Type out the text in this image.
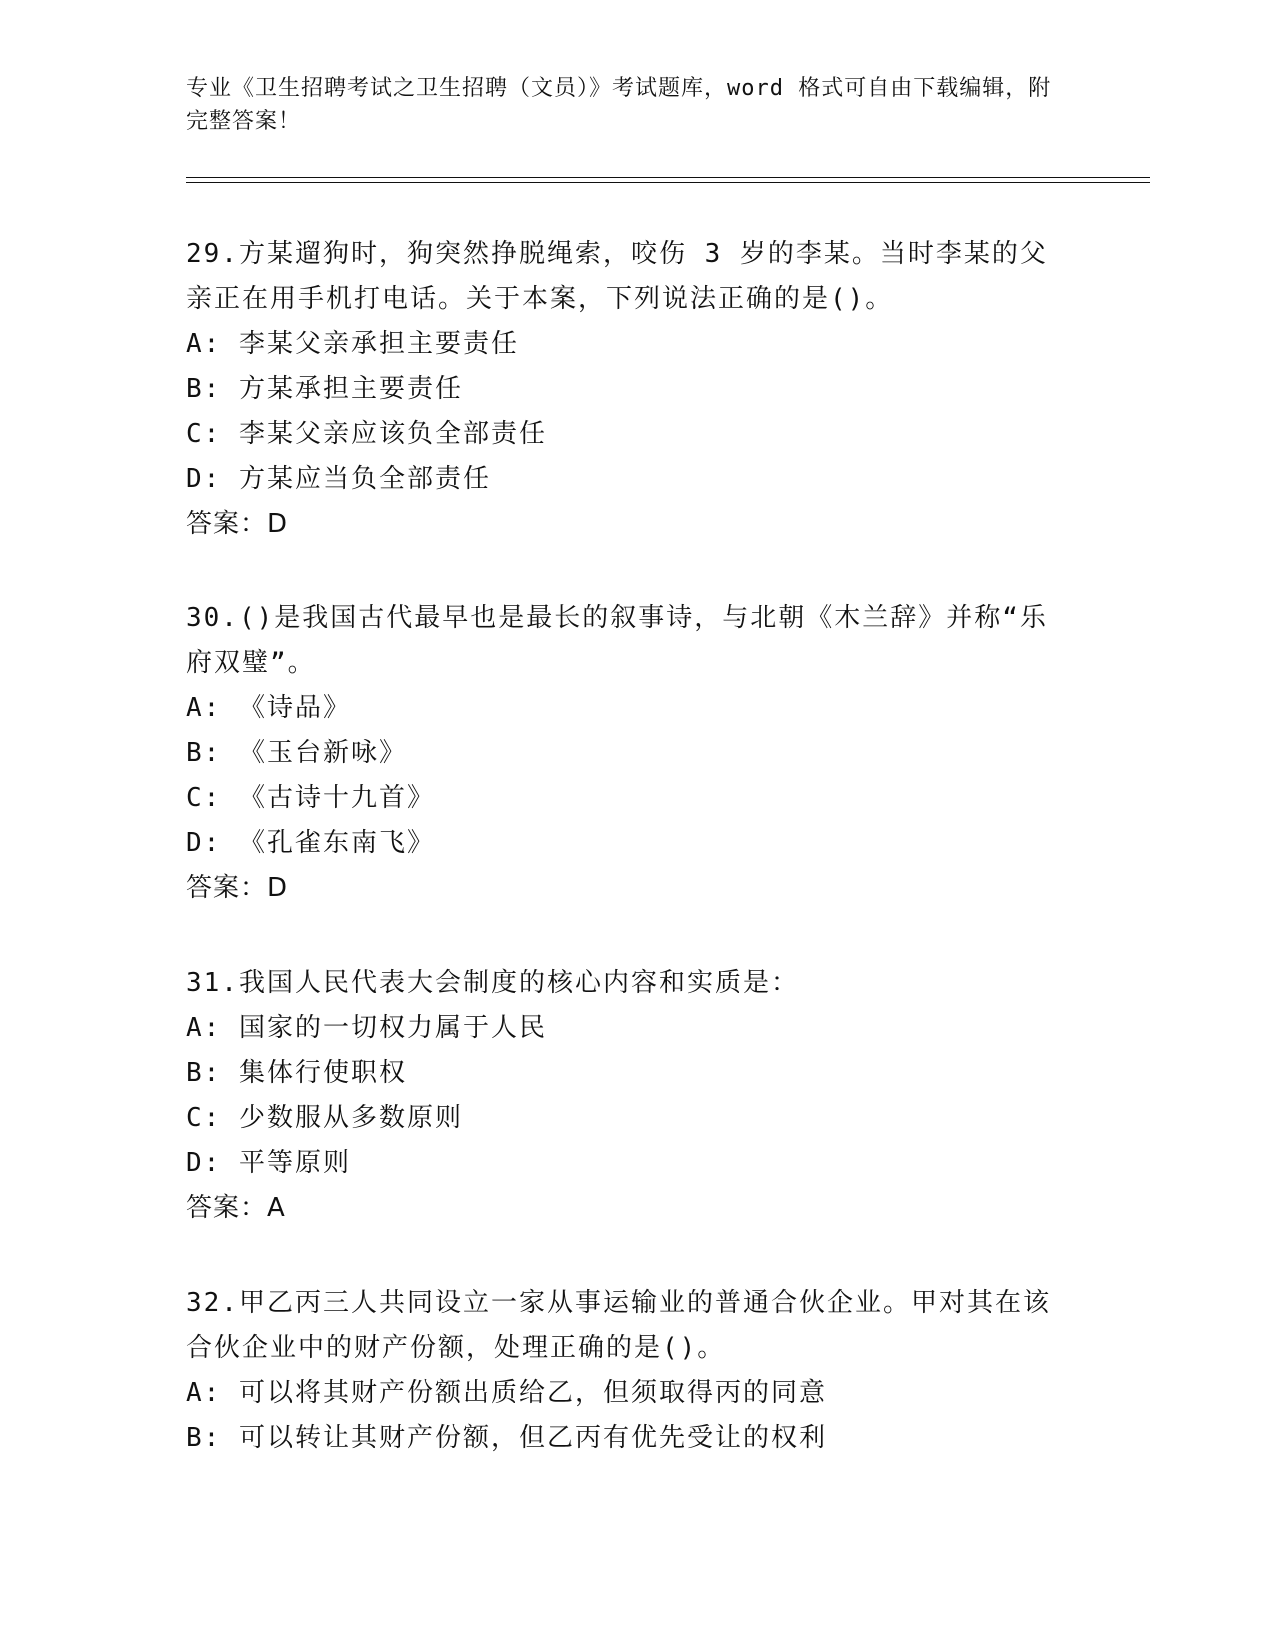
专业《卫生招聘考试之卫生招聘（文员）》考试题库，word 格式可自由下载编辑，附完整答案！

29.方某遛狗时，狗突然挣脱绳索，咬伤 3 岁的李某。当时李某的父亲正在用手机打电话。关于本案，下列说法正确的是()。

A: 李某父亲承担主要责任

B: 方某承担主要责任

C: 李某父亲应该负全部责任

D: 方某应当负全部责任

答案：D

30.()是我国古代最早也是最长的叙事诗，与北朝《木兰辞》并称“乐府双璧”。

A: 《诗品》

B: 《玉台新咏》

C: 《古诗十九首》

D: 《孔雀东南飞》

答案：D

31.我国人民代表大会制度的核心内容和实质是：

A: 国家的一切权力属于人民

B: 集体行使职权

C: 少数服从多数原则

D: 平等原则

答案：A

32.甲乙丙三人共同设立一家从事运输业的普通合伙企业。甲对其在该合伙企业中的财产份额，处理正确的是()。

A: 可以将其财产份额出质给乙，但须取得丙的同意

B: 可以转让其财产份额，但乙丙有优先受让的权利
